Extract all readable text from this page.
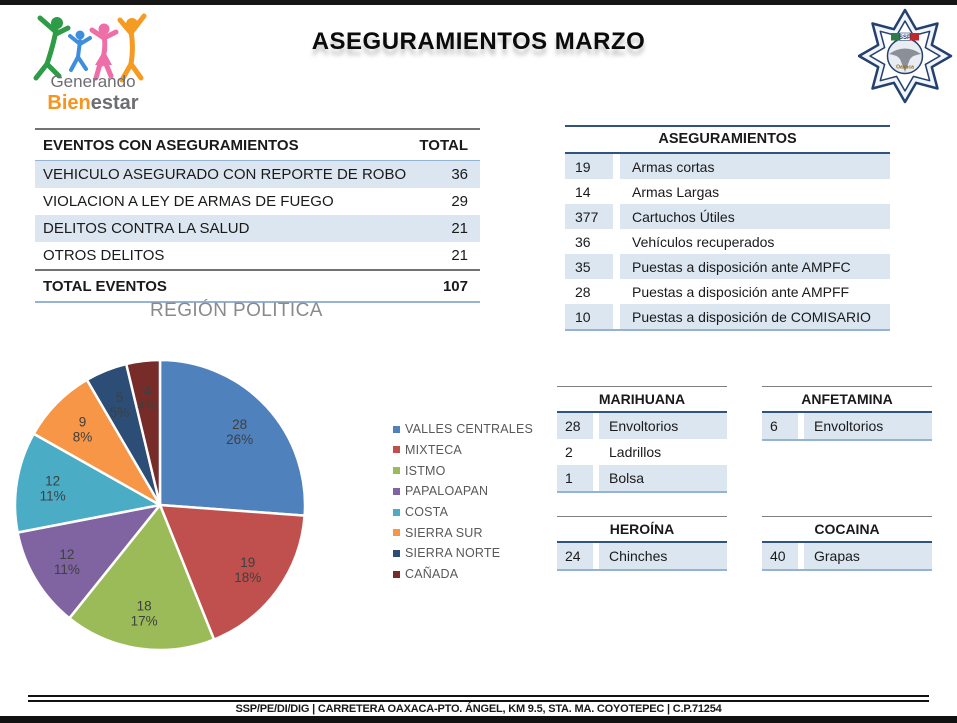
Generando
Bienestar
ASEGURAMIENTOS MARZO	SSP
Oaxaca
EVENTOS CON ASEGURAMIENTOS	TOTAL
VEHICULO ASEGURADO CON REPORTE DE ROBO	36
VIOLACION A LEY DE ARMAS DE FUEGO	29
DELITOS CONTRA LA SALUD	21
OTROS DELITOS	21
TOTAL EVENTOS	107
ASEGURAMIENTOS
19	Armas cortas
14	Armas Largas
377	Cartuchos Útiles
36	Vehículos recuperados
35	Puestas a disposición ante AMPFC
28	Puestas a disposición ante AMPFF
10	Puestas a disposición de COMISARIO
REGIÓN POLITICA
28 26%
19 18%
18 17%
12 11%
12 11%
9 8%
5 5%
4 4%
VALLES CENTRALES
MIXTECA
ISTMO
PAPALOAPAN
COSTA
SIERRA SUR
SIERRA NORTE
CAÑADA
MARIHUANA
28	Envoltorios
2	Ladrillos
1	Bolsa
ANFETAMINA
6	Envoltorios
HEROÍNA
24	Chinches
COCAINA
40	Grapas
SSP/PE/DI/DIG | CARRETERA OAXACA-PTO. ÁNGEL, KM 9.5, STA. MA. COYOTEPEC | C.P.71254
